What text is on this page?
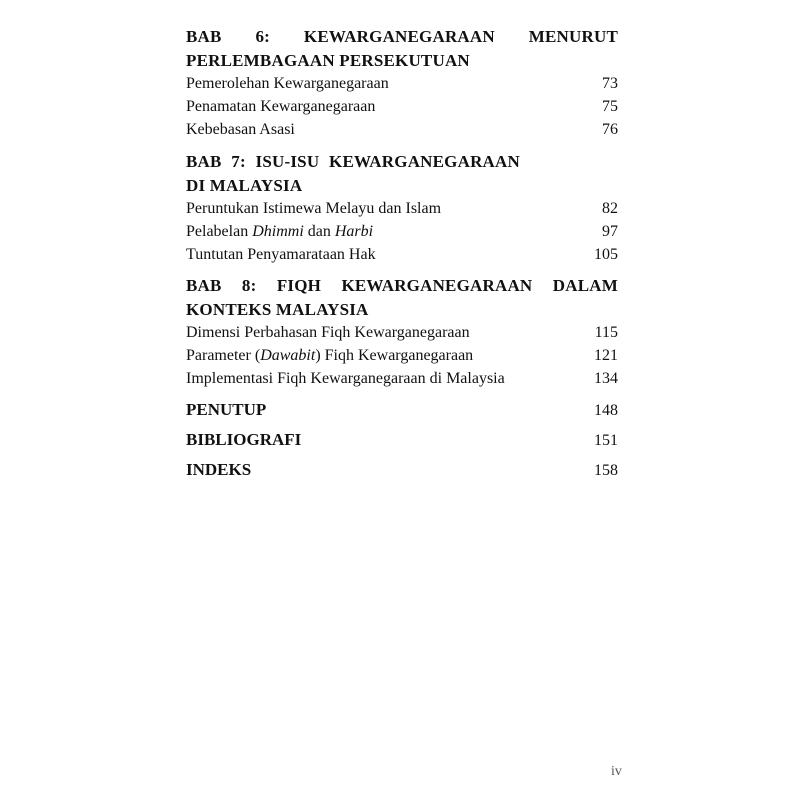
BAB 6: KEWARGANEGARAAN MENURUT
PERLEMBAGAAN PERSEKUTUAN
Pemerolehan Kewarganegaraan	73
Penamatan Kewarganegaraan	75
Kebebasan Asasi	76
BAB 7: ISU-ISU KEWARGANEGARAAN
DI MALAYSIA
Peruntukan Istimewa Melayu dan Islam	82
Pelabelan Dhimmi dan Harbi	97
Tuntutan Penyamarataan Hak	105
BAB 8: FIQH KEWARGANEGARAAN DALAM
KONTEKS MALAYSIA
Dimensi Perbahasan Fiqh Kewarganegaraan	115
Parameter (Dawabit) Fiqh Kewarganegaraan	121
Implementasi Fiqh Kewarganegaraan di Malaysia	134
PENUTUP	148
BIBLIOGRAFI	151
INDEKS	158
iv
